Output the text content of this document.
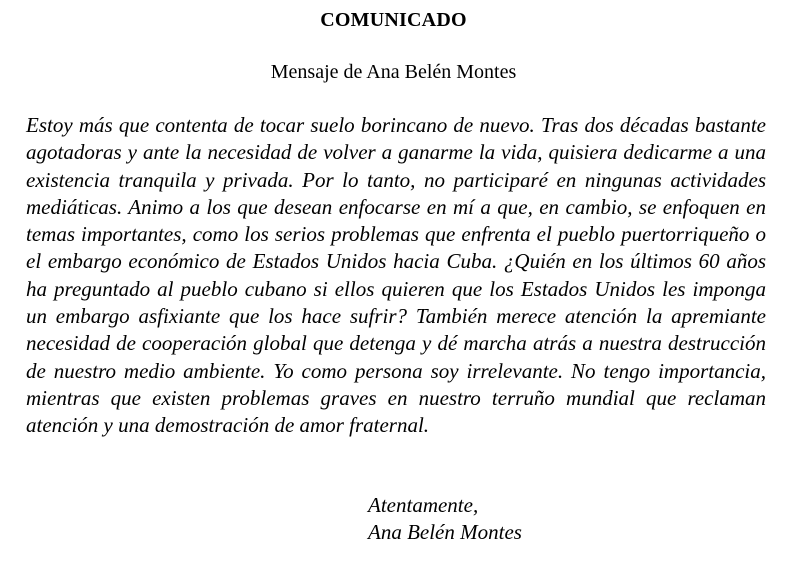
COMUNICADO
Mensaje de Ana Belén Montes

Estoy más que contenta de tocar suelo borincano de nuevo. Tras dos décadas bastante agotadoras y ante la necesidad de volver a ganarme la vida, quisiera dedicarme a una existencia tranquila y privada. Por lo tanto, no participaré en ningunas actividades mediáticas. Animo a los que desean enfocarse en mí a que, en cambio, se enfoquen en temas importantes, como los serios problemas que enfrenta el pueblo puertorriqueño o el embargo económico de Estados Unidos hacia Cuba. ¿Quién en los últimos 60 años ha preguntado al pueblo cubano si ellos quieren que los Estados Unidos les imponga un embargo asfixiante que los hace sufrir? También merece atención la apremiante necesidad de cooperación global que detenga y dé marcha atrás a nuestra destrucción de nuestro medio ambiente. Yo como persona soy irrelevante. No tengo importancia, mientras que existen problemas graves en nuestro terruño mundial que reclaman atención y una demostración de amor fraternal.

Atentamente,
Ana Belén Montes
